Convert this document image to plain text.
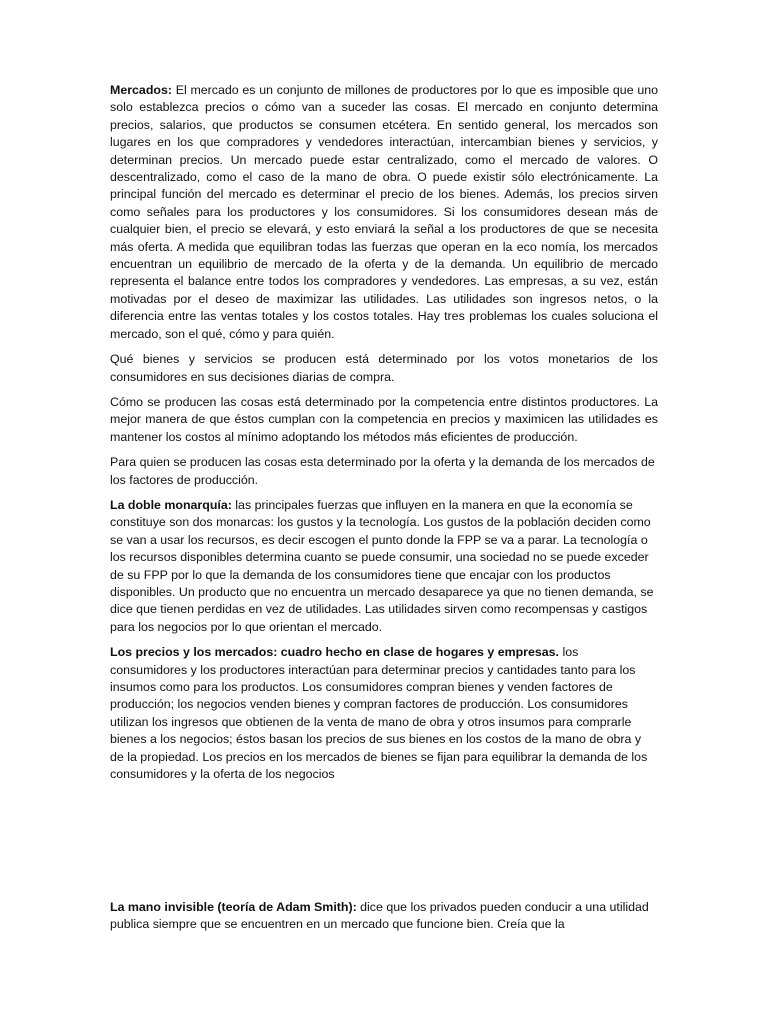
Mercados: El mercado es un conjunto de millones de productores por lo que es imposible que uno solo establezca precios o cómo van a suceder las cosas. El mercado en conjunto determina precios, salarios, que productos se consumen etcétera. En sentido general, los mercados son lugares en los que compradores y vendedores interactúan, intercambian bienes y servicios, y determinan precios. Un mercado puede estar centralizado, como el mercado de valores. O descentralizado, como el caso de la mano de obra. O puede existir sólo electrónicamente. La principal función del mercado es determinar el precio de los bienes. Además, los precios sirven como señales para los productores y los consumidores. Si los consumidores desean más de cualquier bien, el precio se elevará, y esto enviará la señal a los productores de que se necesita más oferta. A medida que equilibran todas las fuerzas que operan en la eco nomía, los mercados encuentran un equilibrio de mercado de la oferta y de la demanda. Un equilibrio de mercado representa el balance entre todos los compradores y vendedores. Las empresas, a su vez, están motivadas por el deseo de maximizar las utilidades. Las utilidades son ingresos netos, o la diferencia entre las ventas totales y los costos totales. Hay tres problemas los cuales soluciona el mercado, son el qué, cómo y para quién.

Qué bienes y servicios se producen está determinado por los votos monetarios de los consumidores en sus decisiones diarias de compra.

Cómo se producen las cosas está determinado por la competencia entre distintos productores. La mejor manera de que éstos cumplan con la competencia en precios y maximicen las utilidades es mantener los costos al mínimo adoptando los métodos más eficientes de producción.

Para quien se producen las cosas esta determinado por la oferta y la demanda de los mercados de los factores de producción.

La doble monarquía: las principales fuerzas que influyen en la manera en que la economía se constituye son dos monarcas: los gustos y la tecnología. Los gustos de la población deciden como se van a usar los recursos, es decir escogen el punto donde la FPP se va a parar. La tecnología o los recursos disponibles determina cuanto se puede consumir, una sociedad no se puede exceder de su FPP por lo que la demanda de los consumidores tiene que encajar con los productos disponibles. Un producto que no encuentra un mercado desaparece ya que no tienen demanda, se dice que tienen perdidas en vez de utilidades. Las utilidades sirven como recompensas y castigos para los negocios por lo que orientan el mercado.

Los precios y los mercados: cuadro hecho en clase de hogares y empresas. los consumidores y los productores interactúan para determinar precios y cantidades tanto para los insumos como para los productos. Los consumidores compran bienes y venden factores de producción; los negocios venden bienes y compran factores de producción. Los consumidores utilizan los ingresos que obtienen de la venta de mano de obra y otros insumos para comprarle bienes a los negocios; éstos basan los precios de sus bienes en los costos de la mano de obra y de la propiedad. Los precios en los mercados de bienes se fijan para equilibrar la demanda de los consumidores y la oferta de los negocios

La mano invisible (teoría de Adam Smith): dice que los privados pueden conducir a una utilidad publica siempre que se encuentren en un mercado que funcione bien. Creía que la
